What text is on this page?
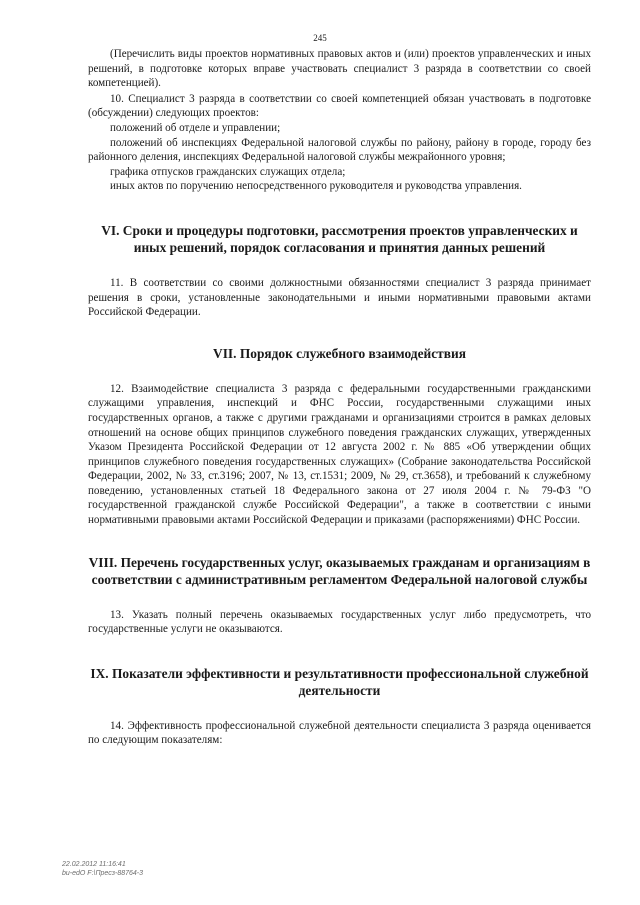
245

(Перечислить виды проектов нормативных правовых актов и (или) проектов управленческих и иных решений, в подготовке которых вправе участвовать специалист 3 разряда в соответствии со своей компетенцией).

10. Специалист 3 разряда в соответствии со своей компетенцией обязан участвовать в подготовке (обсуждении) следующих проектов:

положений об отделе и управлении;

положений об инспекциях Федеральной налоговой службы по району, району в городе, городу без районного деления, инспекциях Федеральной налоговой службы межрайонного уровня;

графика отпусков гражданских служащих отдела;

иных актов по поручению непосредственного руководителя и руководства управления.

VI. Сроки и процедуры подготовки, рассмотрения проектов управленческих и иных решений, порядок согласования и принятия данных решений

11. В соответствии со своими должностными обязанностями специалист 3 разряда принимает решения в сроки, установленные законодательными и иными нормативными правовыми актами Российской Федерации.

VII. Порядок служебного взаимодействия

12. Взаимодействие специалиста 3 разряда с федеральными государственными гражданскими служащими управления, инспекций и ФНС России, государственными служащими иных государственных органов, а также с другими гражданами и организациями строится в рамках деловых отношений на основе общих принципов служебного поведения гражданских служащих, утвержденных Указом Президента Российской Федерации от 12 августа 2002 г. № 885 «Об утверждении общих принципов служебного поведения государственных служащих» (Собрание законодательства Российской Федерации, 2002, № 33, ст.3196; 2007, № 13, ст.1531; 2009, № 29, ст.3658), и требований к служебному поведению, установленных статьей 18 Федерального закона от 27 июля 2004 г. № 79-ФЗ "О государственной гражданской службе Российской Федерации", а также в соответствии с иными нормативными правовыми актами Российской Федерации и приказами (распоряжениями) ФНС России.

VIII. Перечень государственных услуг, оказываемых гражданам и организациям в соответствии с административным регламентом Федеральной налоговой службы

13. Указать полный перечень оказываемых государственных услуг либо предусмотреть, что государственные услуги не оказываются.

IX. Показатели эффективности и результативности профессиональной служебной деятельности

14. Эффективность профессиональной служебной деятельности специалиста 3 разряда оценивается по следующим показателям:

22.02.2012 11:16:41
bu-edO F:\Пресз-88764-3
